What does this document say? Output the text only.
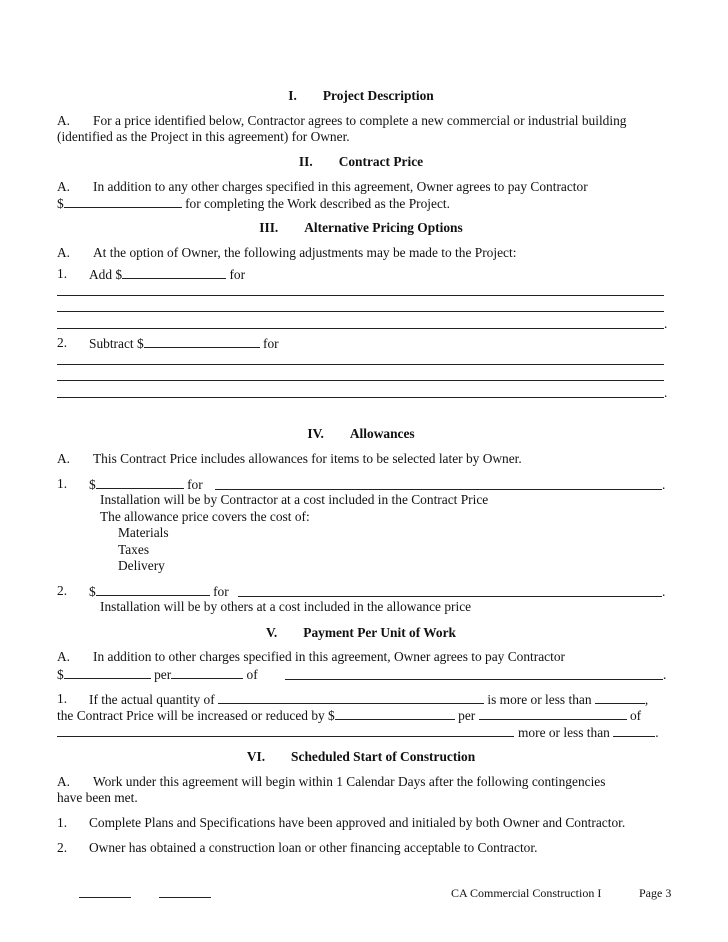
I. Project Description
A. For a price identified below, Contractor agrees to complete a new commercial or industrial building
(identified as the Project in this agreement) for Owner.
II. Contract Price
A. In addition to any other charges specified in this agreement, Owner agrees to pay Contractor
$	for completing the Work described as the Project.
III. Alternative Pricing Options
A. At the option of Owner, the following adjustments may be made to the Project:
1. Add $	for
.
2. Subtract $	for
.
IV. Allowances
A. This Contract Price includes allowances for items to be selected later by Owner.
1. $	for	.
Installation will be by Contractor at a cost included in the Contract Price
The allowance price covers the cost of:
Materials
Taxes
Delivery
2. $	for	.
Installation will be by others at a cost included in the allowance price
V. Payment Per Unit of Work
A. In addition to other charges specified in this agreement, Owner agrees to pay Contractor
$	per	of	.
1. If the actual quantity of	is more or less than	,
the Contract Price will be increased or reduced by $	per	of
more or less than	.
VI. Scheduled Start of Construction
A. Work under this agreement will begin within 1 Calendar Days after the following contingencies
have been met.
1. Complete Plans and Specifications have been approved and initialed by both Owner and Contractor.
2. Owner has obtained a construction loan or other financing acceptable to Contractor.
CA Commercial Construction I	Page 3
